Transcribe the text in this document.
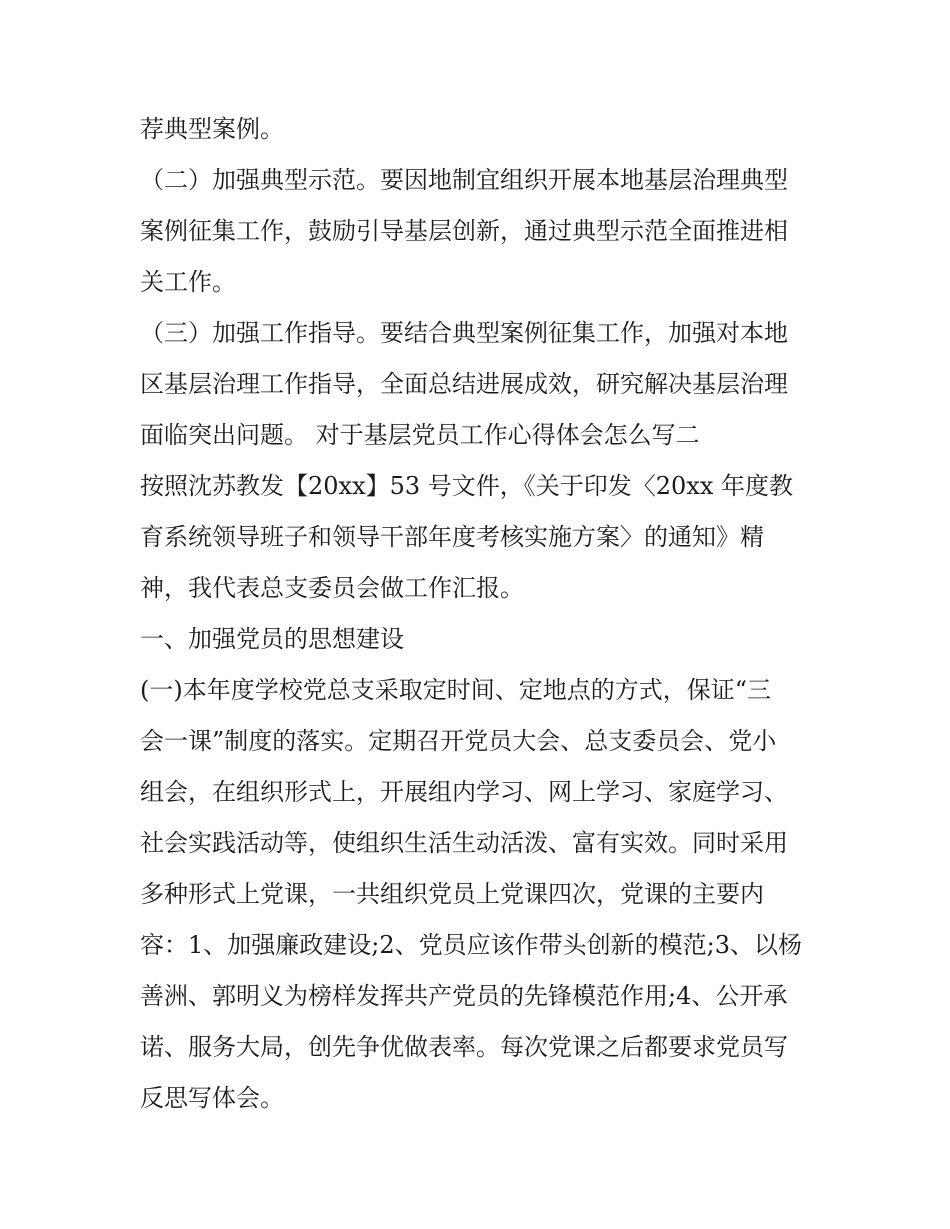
荐典型案例。
（二）加强典型示范。要因地制宜组织开展本地基层治理典型
案例征集工作，鼓励引导基层创新，通过典型示范全面推进相
关工作。
（三）加强工作指导。要结合典型案例征集工作，加强对本地
区基层治理工作指导，全面总结进展成效，研究解决基层治理
面临突出问题。 对于基层党员工作心得体会怎么写二
按照沈苏教发【20xx】53 号文件，《关于印发〈20xx 年度教
育系统领导班子和领导干部年度考核实施方案〉的通知》精
神，我代表总支委员会做工作汇报。
一、加强党员的思想建设
(一)本年度学校党总支采取定时间、定地点的方式，保证“三
会一课”制度的落实。定期召开党员大会、总支委员会、党小
组会，在组织形式上，开展组内学习、网上学习、家庭学习、
社会实践活动等，使组织生活生动活泼、富有实效。同时采用
多种形式上党课，一共组织党员上党课四次，党课的主要内
容：1、加强廉政建设;2、党员应该作带头创新的模范;3、以杨
善洲、郭明义为榜样发挥共产党员的先锋模范作用;4、公开承
诺、服务大局，创先争优做表率。每次党课之后都要求党员写
反思写体会。
